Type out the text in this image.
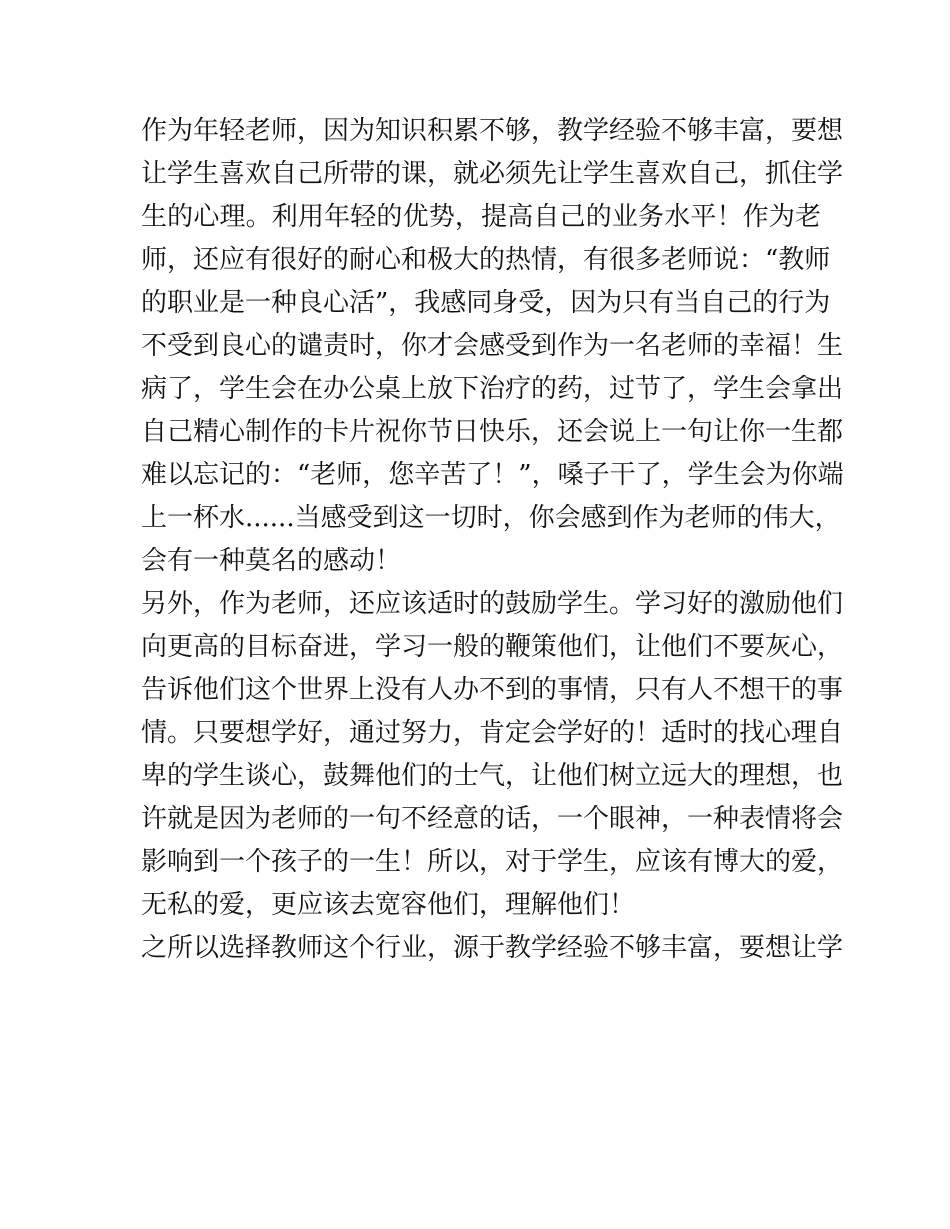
作为年轻老师，因为知识积累不够，教学经验不够丰富，要想
让学生喜欢自己所带的课，就必须先让学生喜欢自己，抓住学
生的心理。利用年轻的优势，提高自己的业务水平！作为老
师，还应有很好的耐心和极大的热情，有很多老师说：“教师
的职业是一种良心活”，我感同身受，因为只有当自己的行为
不受到良心的谴责时，你才会感受到作为一名老师的幸福！生
病了，学生会在办公桌上放下治疗的药，过节了，学生会拿出
自己精心制作的卡片祝你节日快乐，还会说上一句让你一生都
难以忘记的：“老师，您辛苦了！”，嗓子干了，学生会为你端
上一杯水......当感受到这一切时，你会感到作为老师的伟大，
会有一种莫名的感动！
另外，作为老师，还应该适时的鼓励学生。学习好的激励他们
向更高的目标奋进，学习一般的鞭策他们，让他们不要灰心，
告诉他们这个世界上没有人办不到的事情，只有人不想干的事
情。只要想学好，通过努力，肯定会学好的！适时的找心理自
卑的学生谈心，鼓舞他们的士气，让他们树立远大的理想，也
许就是因为老师的一句不经意的话，一个眼神，一种表情将会
影响到一个孩子的一生！所以，对于学生，应该有博大的爱，
无私的爱，更应该去宽容他们，理解他们！
之所以选择教师这个行业，源于教学经验不够丰富，要想让学
